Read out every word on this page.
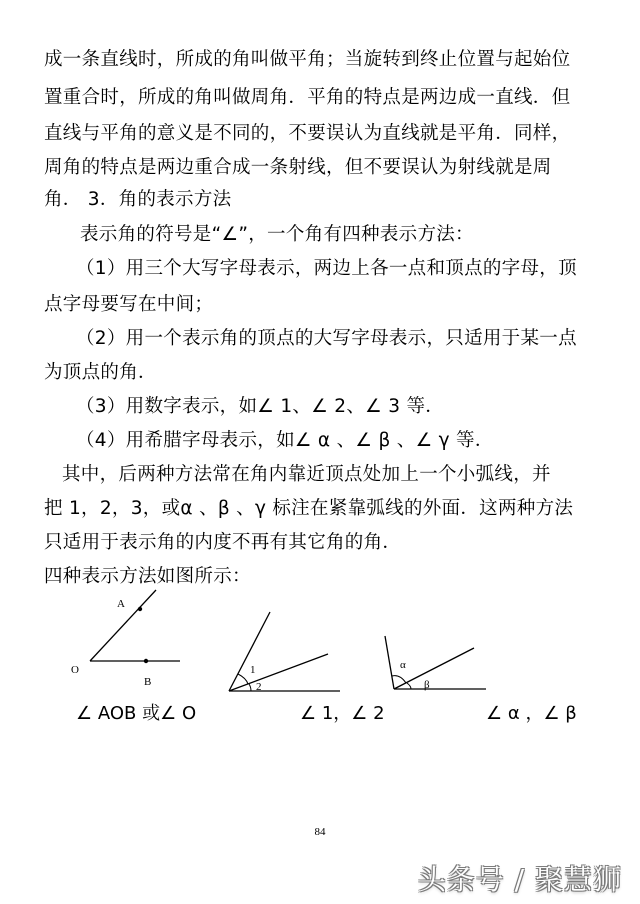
成一条直线时，所成的角叫做平角；当旋转到终止位置与起始位
置重合时，所成的角叫做周角．平角的特点是两边成一直线．但
直线与平角的意义是不同的，不要误认为直线就是平角．同样，
周角的特点是两边重合成一条射线，但不要误认为射线就是周
角． 3．角的表示方法
表示角的符号是“∠”，一个角有四种表示方法：
（1）用三个大写字母表示，两边上各一点和顶点的字母，顶
点字母要写在中间；
（2）用一个表示角的顶点的大写字母表示，只适用于某一点
为顶点的角．
（3）用数字表示，如∠ 1、∠ 2、∠ 3 等．
（4）用希腊字母表示，如∠ α 、∠ β 、∠ γ 等．
其中，后两种方法常在角内靠近顶点处加上一个小弧线，并
把 1，2，3，或α 、β 、γ 标注在紧靠弧线的外面．这两种方法
只适用于表示角的内度不再有其它角的角．
四种表示方法如图所示：
A
O
B
1
2
α
β
∠ AOB 或∠ O	∠ 1，∠ 2	∠ α ，∠ β
84
头条号 / 聚慧狮
